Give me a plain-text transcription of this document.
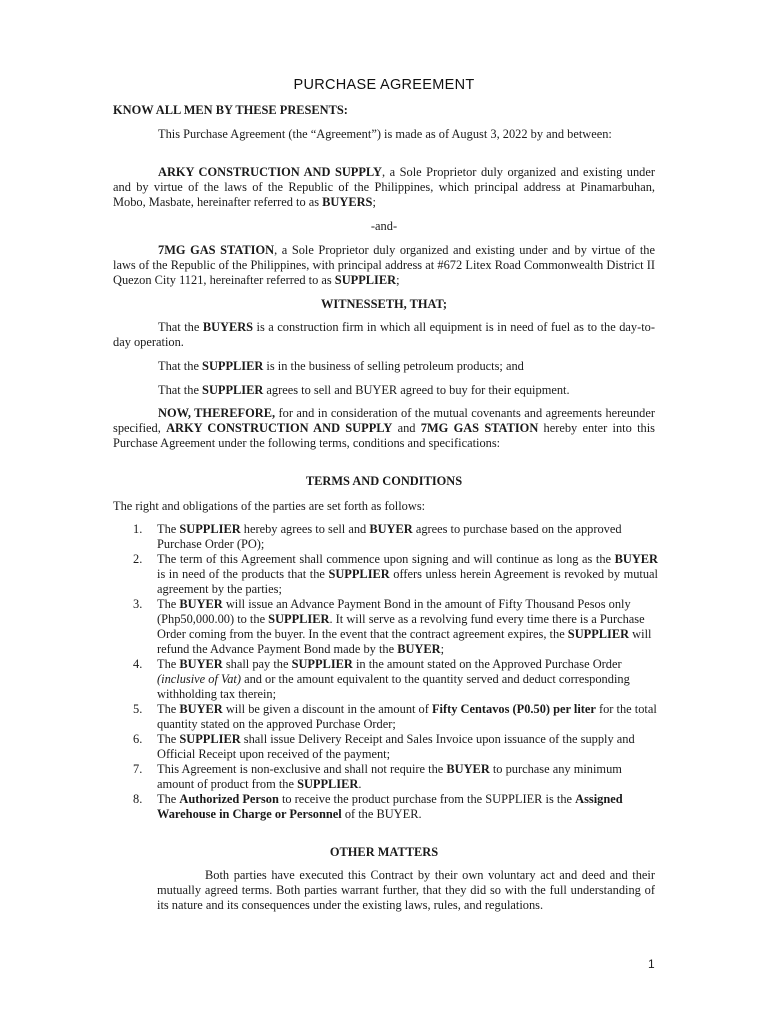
PURCHASE AGREEMENT

KNOW ALL MEN BY THESE PRESENTS:

This Purchase Agreement (the “Agreement”) is made as of August 3, 2022 by and between:

ARKY CONSTRUCTION AND SUPPLY, a Sole Proprietor duly organized and existing under and by virtue of the laws of the Republic of the Philippines, which principal address at Pinamarbuhan, Mobo, Masbate, hereinafter referred to as BUYERS;

-and-

7MG GAS STATION, a Sole Proprietor duly organized and existing under and by virtue of the laws of the Republic of the Philippines, with principal address at #672 Litex Road Commonwealth District II Quezon City 1121, hereinafter referred to as SUPPLIER;

WITNESSETH, THAT;

That the BUYERS is a construction firm in which all equipment is in need of fuel as to the day-to-day operation.

That the SUPPLIER is in the business of selling petroleum products; and

That the SUPPLIER agrees to sell and BUYER agreed to buy for their equipment.

NOW, THEREFORE, for and in consideration of the mutual covenants and agreements hereunder specified, ARKY CONSTRUCTION AND SUPPLY and 7MG GAS STATION hereby enter into this Purchase Agreement under the following terms, conditions and specifications:

TERMS AND CONDITIONS

The right and obligations of the parties are set forth as follows:

1. The SUPPLIER hereby agrees to sell and BUYER agrees to purchase based on the approved Purchase Order (PO);
2. The term of this Agreement shall commence upon signing and will continue as long as the BUYER is in need of the products that the SUPPLIER offers unless herein Agreement is revoked by mutual agreement by the parties;
3. The BUYER will issue an Advance Payment Bond in the amount of Fifty Thousand Pesos only (Php50,000.00) to the SUPPLIER. It will serve as a revolving fund every time there is a Purchase Order coming from the buyer. In the event that the contract agreement expires, the SUPPLIER will refund the Advance Payment Bond made by the BUYER;
4. The BUYER shall pay the SUPPLIER in the amount stated on the Approved Purchase Order (inclusive of Vat) and or the amount equivalent to the quantity served and deduct corresponding withholding tax therein;
5. The BUYER will be given a discount in the amount of Fifty Centavos (P0.50) per liter for the total quantity stated on the approved Purchase Order;
6. The SUPPLIER shall issue Delivery Receipt and Sales Invoice upon issuance of the supply and Official Receipt upon received of the payment;
7. This Agreement is non-exclusive and shall not require the BUYER to purchase any minimum amount of product from the SUPPLIER.
8. The Authorized Person to receive the product purchase from the SUPPLIER is the Assigned Warehouse in Charge or Personnel of the BUYER.

OTHER MATTERS

Both parties have executed this Contract by their own voluntary act and deed and their mutually agreed terms. Both parties warrant further, that they did so with the full understanding of its nature and its consequences under the existing laws, rules, and regulations.

1
